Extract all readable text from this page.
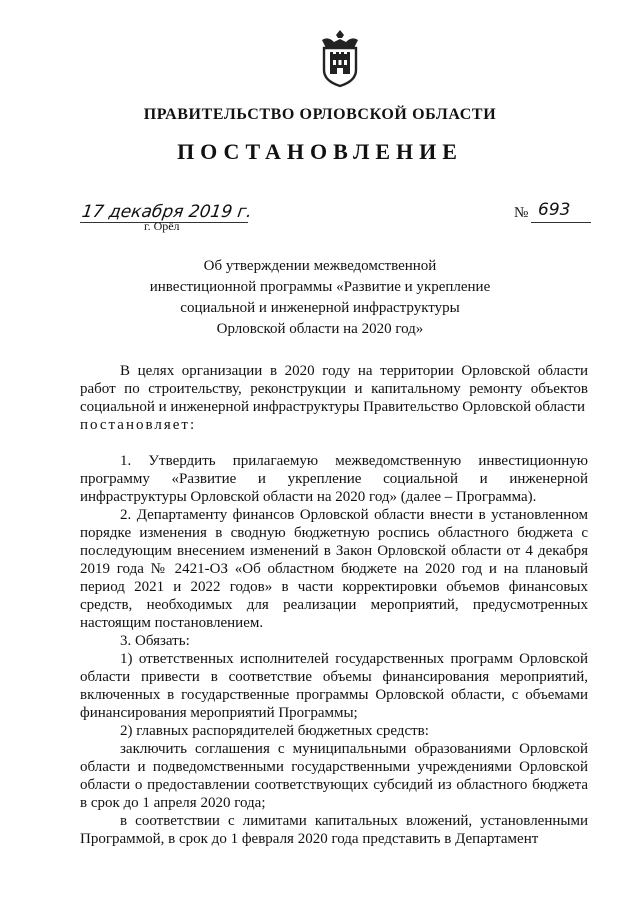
ПРАВИТЕЛЬСТВО ОРЛОВСКОЙ ОБЛАСТИ
ПОСТАНОВЛЕНИЕ
17 декабря 2019 г.
г. Орёл
№ 693
Об утверждении межведомственной
инвестиционной программы «Развитие и укрепление
социальной и инженерной инфраструктуры
Орловской области на 2020 год»

В целях организации в 2020 году на территории Орловской области работ по строительству, реконструкции и капитальному ремонту объектов социальной и инженерной инфраструктуры Правительство Орловской области

постановляет:

1. Утвердить прилагаемую межведомственную инвестиционную программу «Развитие и укрепление социальной и инженерной инфраструктуры Орловской области на 2020 год» (далее – Программа).

2. Департаменту финансов Орловской области внести в установленном порядке изменения в сводную бюджетную роспись областного бюджета с последующим внесением изменений в Закон Орловской области от 4 декабря 2019 года № 2421-ОЗ «Об областном бюджете на 2020 год и на плановый период 2021 и 2022 годов» в части корректировки объемов финансовых средств, необходимых для реализации мероприятий, предусмотренных настоящим постановлением.

3. Обязать:

1) ответственных исполнителей государственных программ Орловской области привести в соответствие объемы финансирования мероприятий, включенных в государственные программы Орловской области, с объемами финансирования мероприятий Программы;

2) главных распорядителей бюджетных средств:

заключить соглашения с муниципальными образованиями Орловской области и подведомственными государственными учреждениями Орловской области о предоставлении соответствующих субсидий из областного бюджета в срок до 1 апреля 2020 года;

в соответствии с лимитами капитальных вложений, установленными Программой, в срок до 1 февраля 2020 года представить в Департамент
